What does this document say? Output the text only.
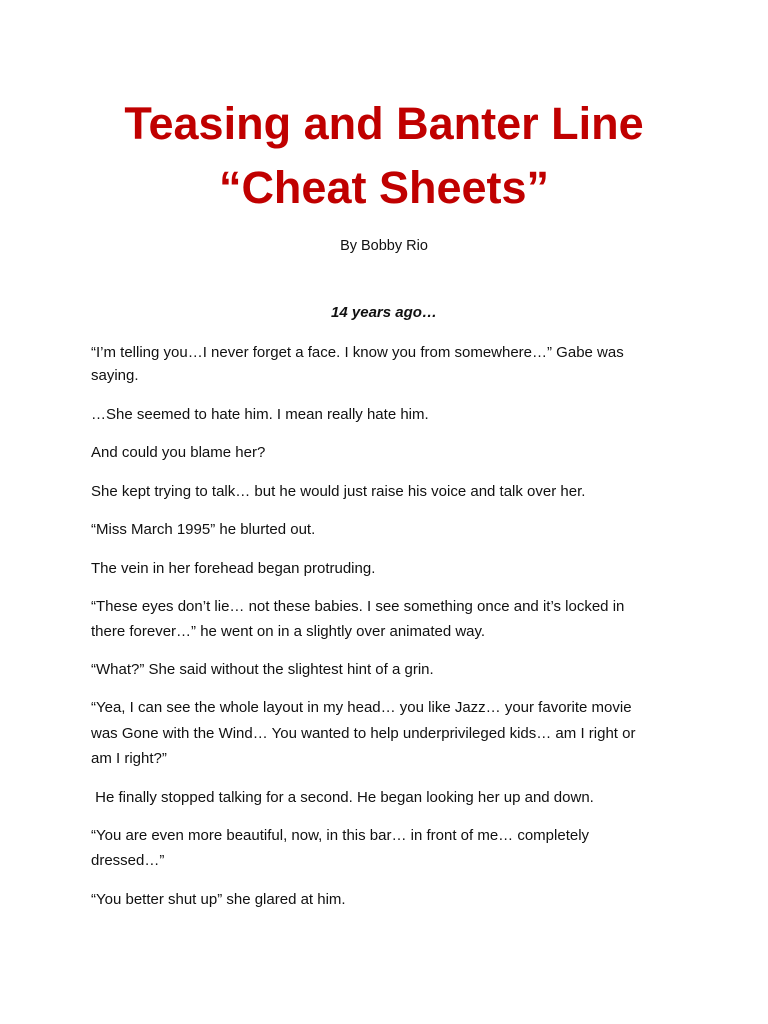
Teasing and Banter Line
“Cheat Sheets”

By Bobby Rio

14 years ago…

“I’m telling you…I never forget a face. I know you from somewhere…” Gabe was

saying.

…She seemed to hate him. I mean really hate him.

And could you blame her?

She kept trying to talk… but he would just raise his voice and talk over her.

“Miss March 1995” he blurted out.

The vein in her forehead began protruding.

“These eyes don’t lie… not these babies. I see something once and it’s locked in

there forever…” he went on in a slightly over animated way.

“What?” She said without the slightest hint of a grin.

“Yea, I can see the whole layout in my head… you like Jazz… your favorite movie

was Gone with the Wind… You wanted to help underprivileged kids… am I right or

am I right?”

He finally stopped talking for a second. He began looking her up and down.

“You are even more beautiful, now, in this bar… in front of me… completely

dressed…”

“You better shut up” she glared at him.
